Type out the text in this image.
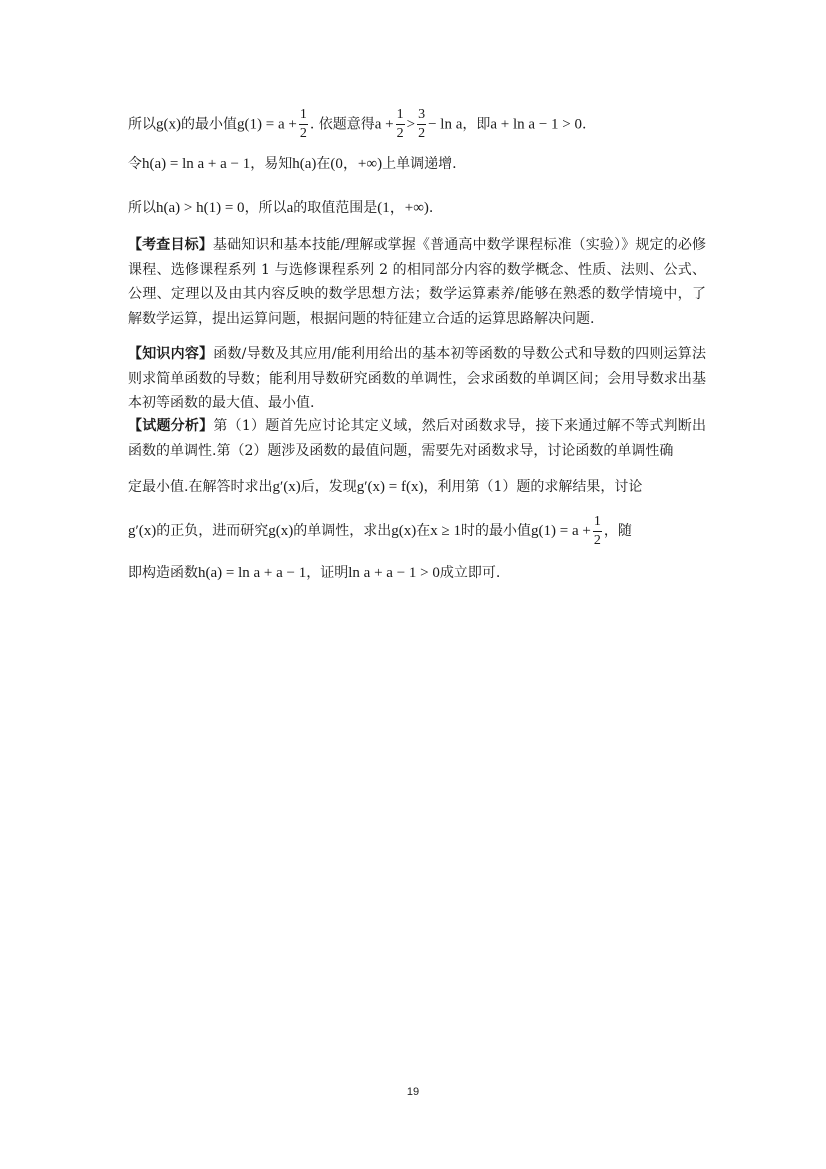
所以g(x)的最小值$g(1) = a + \frac{1}{2}$ . 依题意得$a + \frac{1}{2} > \frac{3}{2} - \ln a$，即a + ln a − 1 > 0.
令h(a) = ln a + a − 1，易知h(a)在(0，+∞)上单调递增.
所以h(a) > h(1) = 0，所以a的取值范围是(1，+∞).
【考查目标】基础知识和基本技能/理解或掌握《普通高中数学课程标准（实验）》规定的必修课程、选修课程系列 1 与选修课程系列 2 的相同部分内容的数学概念、性质、法则、公式、公理、定理以及由其内容反映的数学思想方法；数学运算素养/能够在熟悉的数学情境中，了解数学运算，提出运算问题，根据问题的特征建立合适的运算思路解决问题.
【知识内容】函数/导数及其应用/能利用给出的基本初等函数的导数公式和导数的四则运算法则求简单函数的导数；能利用导数研究函数的单调性，会求函数的单调区间；会用导数求出基本初等函数的最大值、最小值.
【试题分析】第（1）题首先应讨论其定义域，然后对函数求导，接下来通过解不等式判断出函数的单调性.第（2）题涉及函数的最值问题，需要先对函数求导，讨论函数的单调性确
定最小值.在解答时求出g′(x)后，发现g′(x) = f(x)，利用第（1）题的求解结果，讨论
g′(x)的正负，进而研究g(x)的单调性，求出g(x)在x ≥ 1时的最小值$g(1) = a + \frac{1}{2}$ ，随
即构造函数h(a) = ln a + a − 1，证明ln a + a − 1 > 0成立即可.
19
